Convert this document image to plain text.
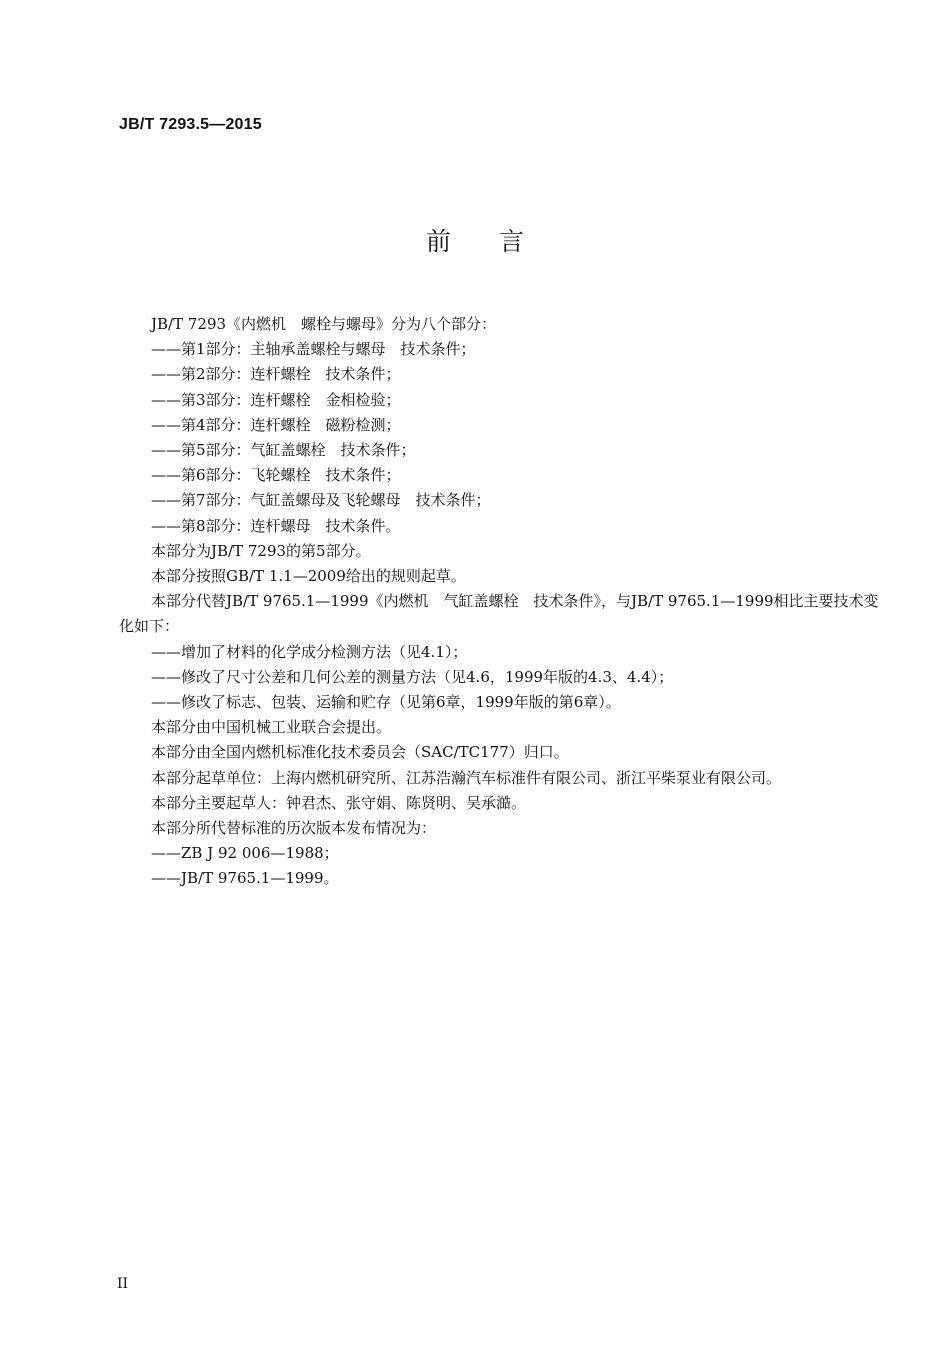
JB/T 7293.5—2015
前言
JB/T 7293《内燃机　螺栓与螺母》分为八个部分：
——第1部分：主轴承盖螺栓与螺母　技术条件；
——第2部分：连杆螺栓　技术条件；
——第3部分：连杆螺栓　金相检验；
——第4部分：连杆螺栓　磁粉检测；
——第5部分：气缸盖螺栓　技术条件；
——第6部分：飞轮螺栓　技术条件；
——第7部分：气缸盖螺母及飞轮螺母　技术条件；
——第8部分：连杆螺母　技术条件。
本部分为JB/T 7293的第5部分。
本部分按照GB/T 1.1—2009给出的规则起草。
本部分代替JB/T 9765.1—1999《内燃机　气缸盖螺栓　技术条件》，与JB/T 9765.1—1999相比主要技术变化如下：
——增加了材料的化学成分检测方法（见4.1）；
——修改了尺寸公差和几何公差的测量方法（见4.6，1999年版的4.3、4.4）；
——修改了标志、包装、运输和贮存（见第6章，1999年版的第6章）。
本部分由中国机械工业联合会提出。
本部分由全国内燃机标准化技术委员会（SAC/TC177）归口。
本部分起草单位：上海内燃机研究所、江苏浩瀚汽车标准件有限公司、浙江平柴泵业有限公司。
本部分主要起草人：钟君杰、张守娟、陈贤明、吴承澔。
本部分所代替标准的历次版本发布情况为：
——ZB J 92 006—1988；
——JB/T 9765.1—1999。
II
